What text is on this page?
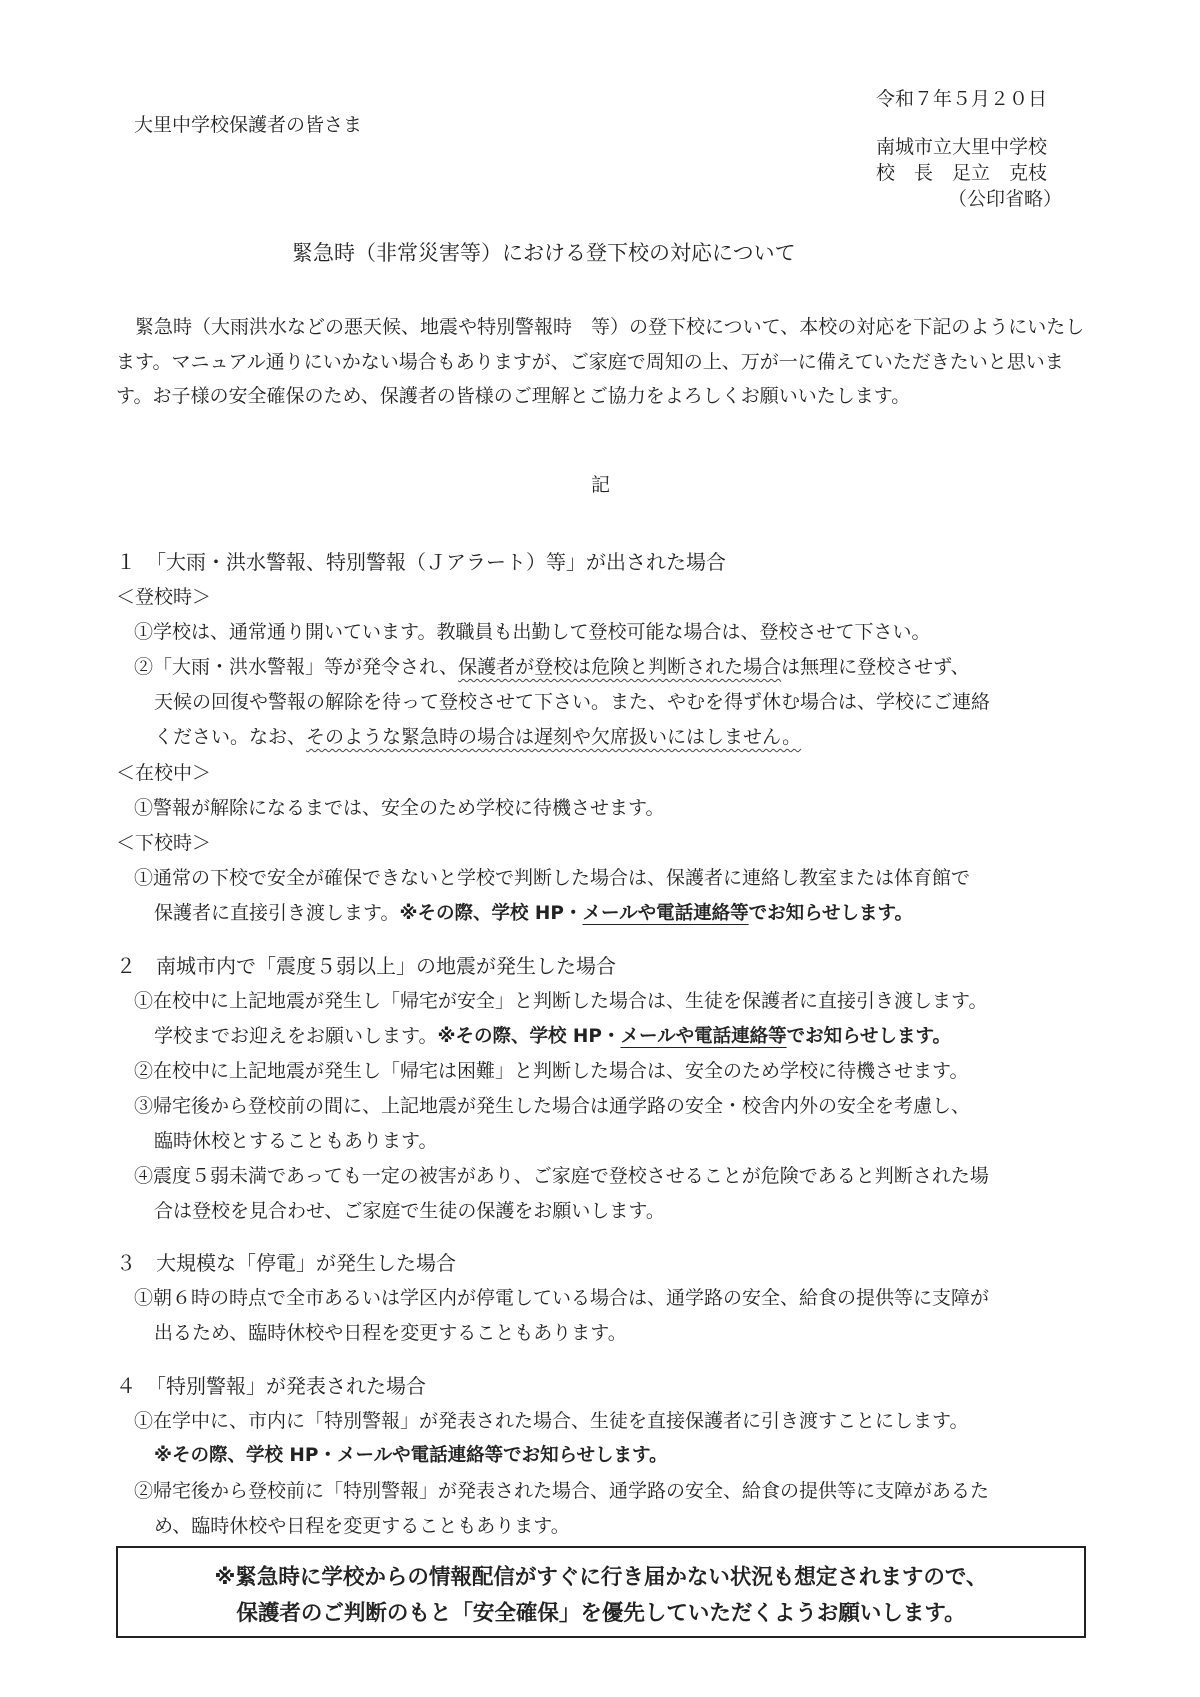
令和７年５月２０日
大里中学校保護者の皆さま
南城市立大里中学校
校　長　足立　克枝
（公印省略）
緊急時（非常災害等）における登下校の対応について
緊急時（大雨洪水などの悪天候、地震や特別警報時　等）の登下校について、本校の対応を下記のようにいたします。マニュアル通りにいかない場合もありますが、ご家庭で周知の上、万が一に備えていただきたいと思います。お子様の安全確保のため、保護者の皆様のご理解とご協力をよろしくお願いいたします。
記
１　「大雨・洪水警報、特別警報（Ｊアラート）等」が出された場合
＜登校時＞
①学校は、通常通り開いています。教職員も出勤して登校可能な場合は、登校させて下さい。
②「大雨・洪水警報」等が発令され、保護者が登校は危険と判断された場合は無理に登校させず、
天候の回復や警報の解除を待って登校させて下さい。また、やむを得ず休む場合は、学校にご連絡
ください。なお、そのような緊急時の場合は遅刻や欠席扱いにはしません。
＜在校中＞
①警報が解除になるまでは、安全のため学校に待機させます。
＜下校時＞
①通常の下校で安全が確保できないと学校で判断した場合は、保護者に連絡し教室または体育館で
保護者に直接引き渡します。※その際、学校 HP・メールや電話連絡等でお知らせします。
２　南城市内で「震度５弱以上」の地震が発生した場合
①在校中に上記地震が発生し「帰宅が安全」と判断した場合は、生徒を保護者に直接引き渡します。
学校までお迎えをお願いします。※その際、学校 HP・メールや電話連絡等でお知らせします。
②在校中に上記地震が発生し「帰宅は困難」と判断した場合は、安全のため学校に待機させます。
③帰宅後から登校前の間に、上記地震が発生した場合は通学路の安全・校舎内外の安全を考慮し、
臨時休校とすることもあります。
④震度５弱未満であっても一定の被害があり、ご家庭で登校させることが危険であると判断された場
合は登校を見合わせ、ご家庭で生徒の保護をお願いします。
３　大規模な「停電」が発生した場合
①朝６時の時点で全市あるいは学区内が停電している場合は、通学路の安全、給食の提供等に支障が
出るため、臨時休校や日程を変更することもあります。
４　「特別警報」が発表された場合
①在学中に、市内に「特別警報」が発表された場合、生徒を直接保護者に引き渡すことにします。
※その際、学校 HP・メールや電話連絡等でお知らせします。
②帰宅後から登校前に「特別警報」が発表された場合、通学路の安全、給食の提供等に支障があるた
め、臨時休校や日程を変更することもあります。
※緊急時に学校からの情報配信がすぐに行き届かない状況も想定されますので、
保護者のご判断のもと「安全確保」を優先していただくようお願いします。
